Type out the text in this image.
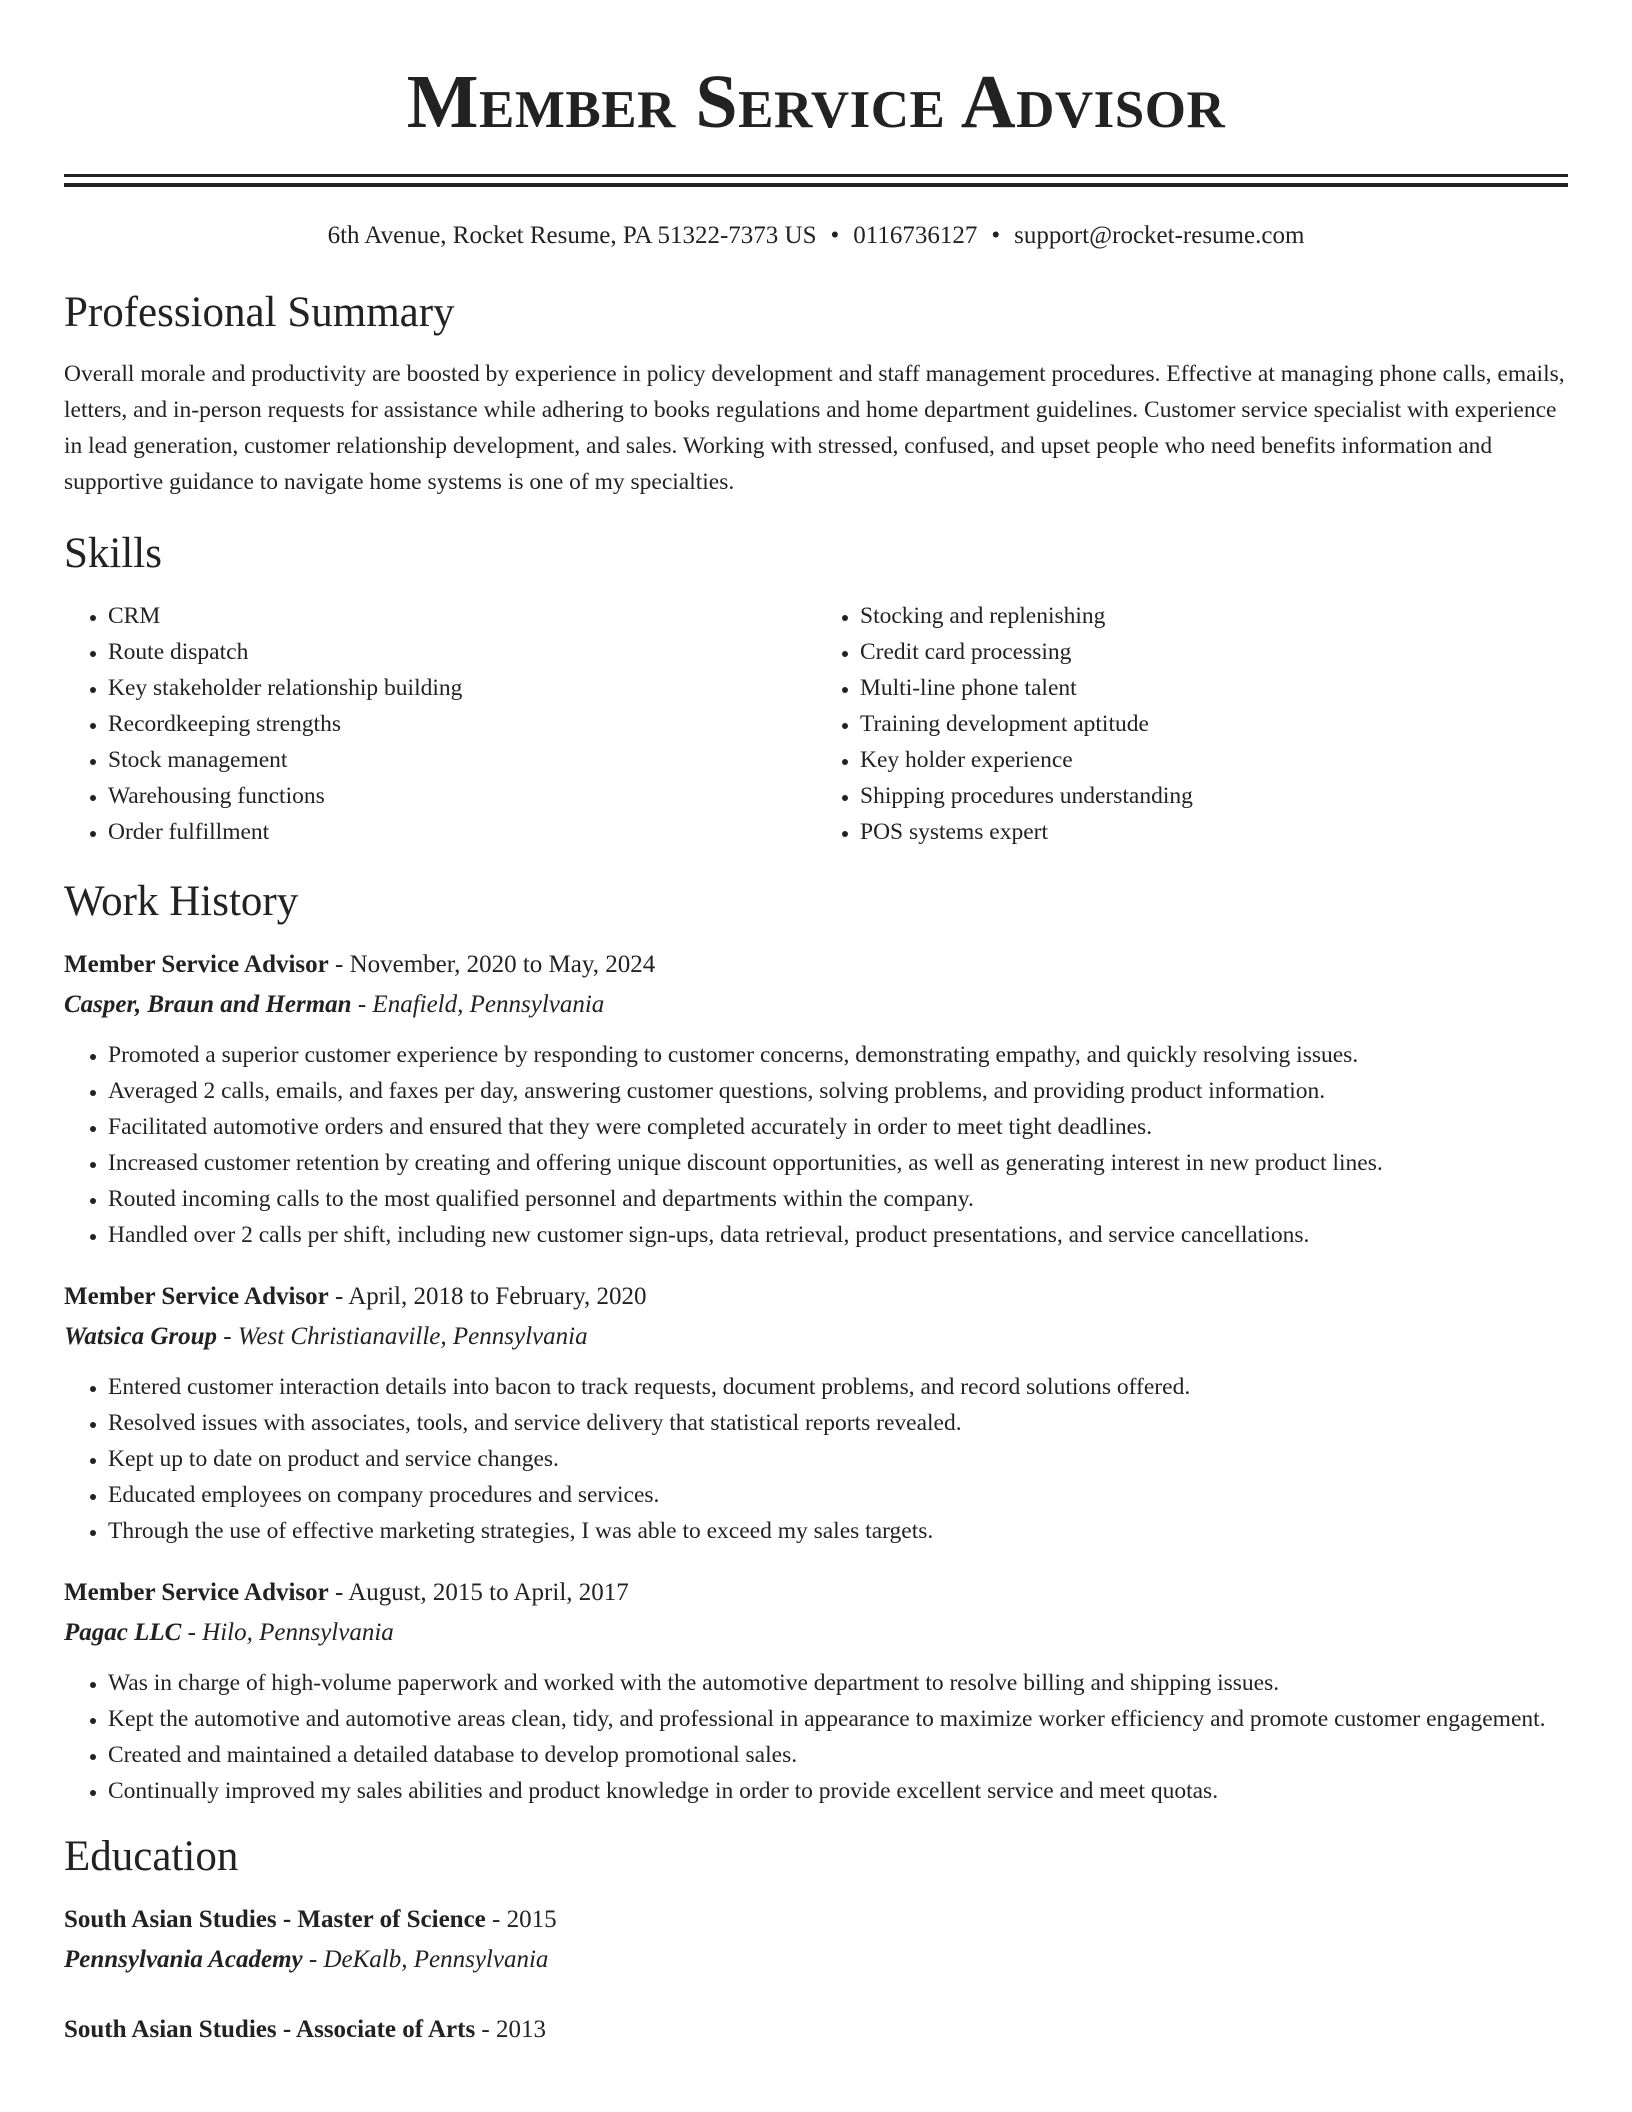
Member Service Advisor
6th Avenue, Rocket Resume, PA 51322-7373 US • 0116736127 • support@rocket-resume.com
Professional Summary

Overall morale and productivity are boosted by experience in policy development and staff management procedures. Effective at managing phone calls, emails, letters, and in-person requests for assistance while adhering to books regulations and home department guidelines. Customer service specialist with experience in lead generation, customer relationship development, and sales. Working with stressed, confused, and upset people who need benefits information and supportive guidance to navigate home systems is one of my specialties.

Skills
• CRM
• Route dispatch
• Key stakeholder relationship building
• Recordkeeping strengths
• Stock management
• Warehousing functions
• Order fulfillment
• Stocking and replenishing
• Credit card processing
• Multi-line phone talent
• Training development aptitude
• Key holder experience
• Shipping procedures understanding
• POS systems expert
Work History
Member Service Advisor - November, 2020 to May, 2024
Casper, Braun and Herman - Enafield, Pennsylvania
• Promoted a superior customer experience by responding to customer concerns, demonstrating empathy, and quickly resolving issues.
• Averaged 2 calls, emails, and faxes per day, answering customer questions, solving problems, and providing product information.
• Facilitated automotive orders and ensured that they were completed accurately in order to meet tight deadlines.
• Increased customer retention by creating and offering unique discount opportunities, as well as generating interest in new product lines.
• Routed incoming calls to the most qualified personnel and departments within the company.
• Handled over 2 calls per shift, including new customer sign-ups, data retrieval, product presentations, and service cancellations.
Member Service Advisor - April, 2018 to February, 2020
Watsica Group - West Christianaville, Pennsylvania
• Entered customer interaction details into bacon to track requests, document problems, and record solutions offered.
• Resolved issues with associates, tools, and service delivery that statistical reports revealed.
• Kept up to date on product and service changes.
• Educated employees on company procedures and services.
• Through the use of effective marketing strategies, I was able to exceed my sales targets.
Member Service Advisor - August, 2015 to April, 2017
Pagac LLC - Hilo, Pennsylvania
• Was in charge of high-volume paperwork and worked with the automotive department to resolve billing and shipping issues.
• Kept the automotive and automotive areas clean, tidy, and professional in appearance to maximize worker efficiency and promote customer engagement.
• Created and maintained a detailed database to develop promotional sales.
• Continually improved my sales abilities and product knowledge in order to provide excellent service and meet quotas.
Education
South Asian Studies - Master of Science - 2015
Pennsylvania Academy - DeKalb, Pennsylvania
South Asian Studies - Associate of Arts - 2013
